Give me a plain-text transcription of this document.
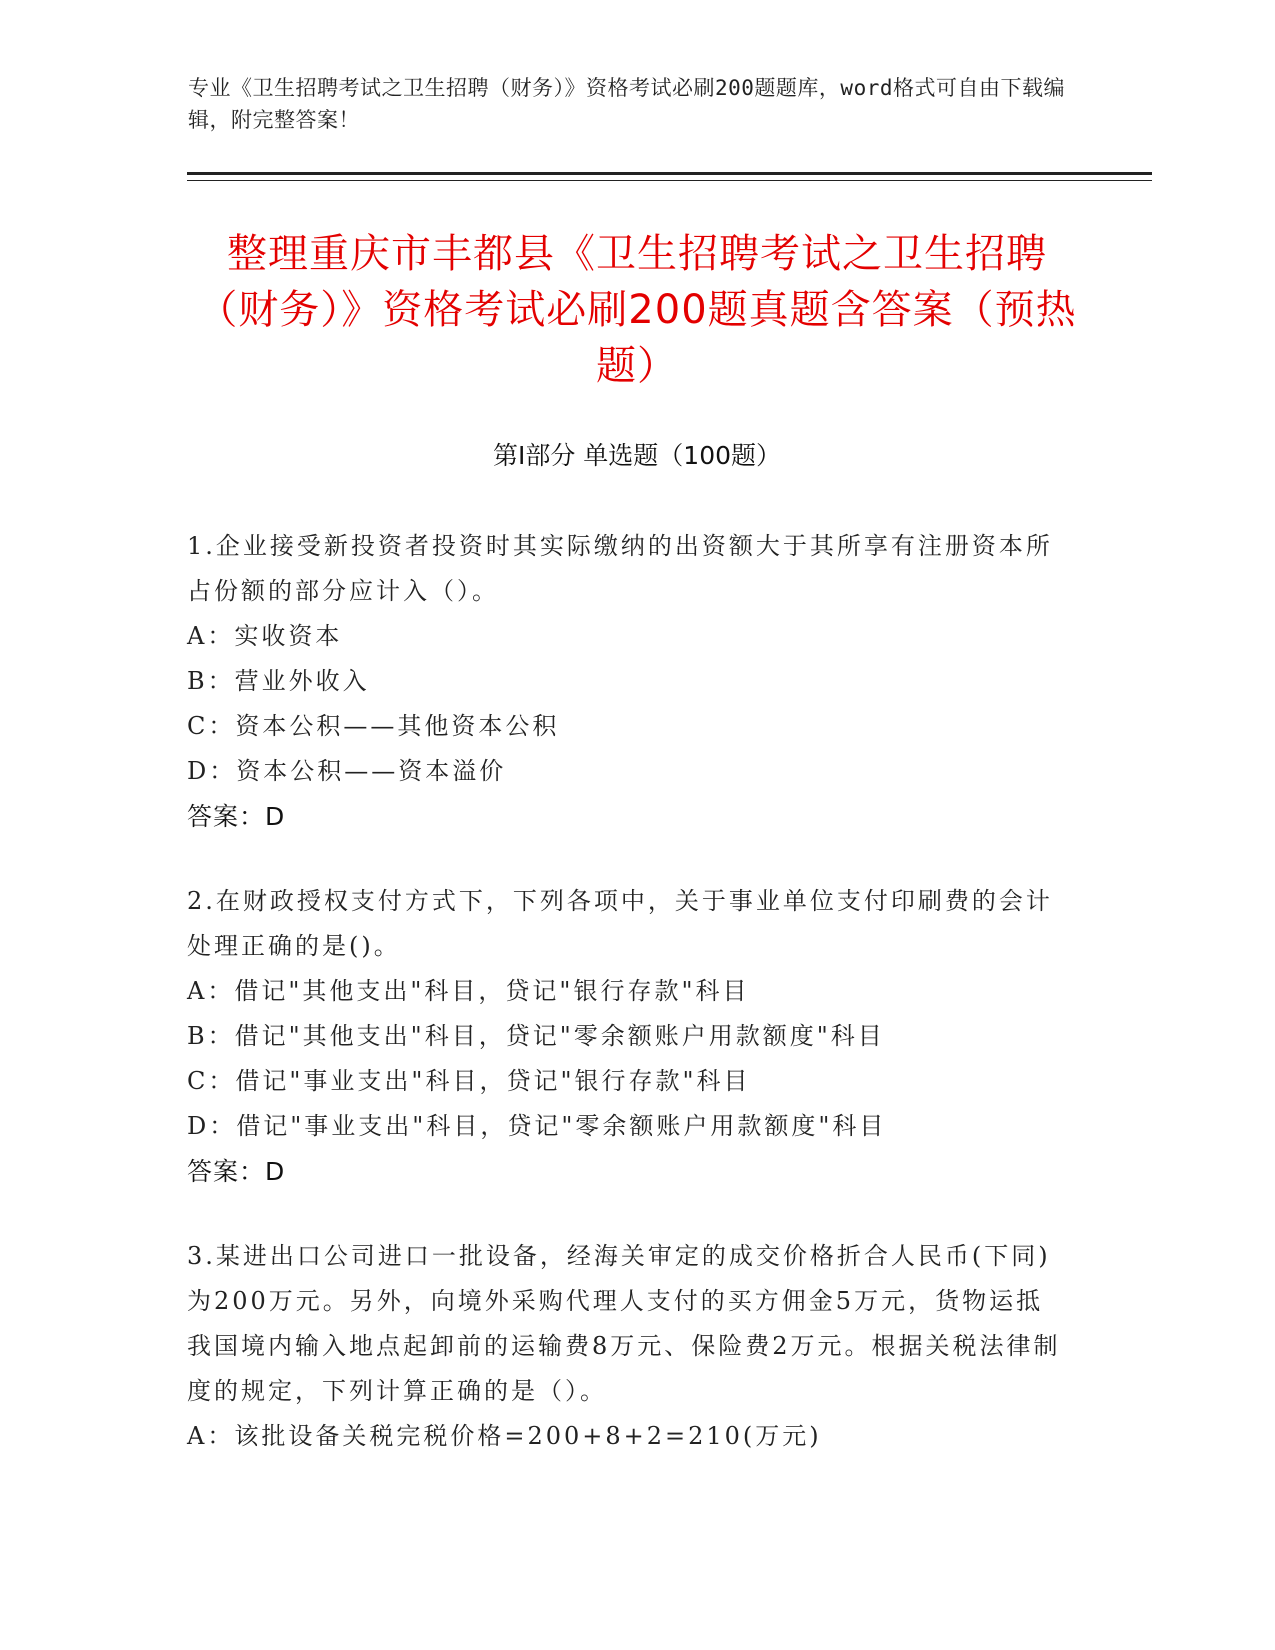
专业《卫生招聘考试之卫生招聘（财务）》资格考试必刷200题题库，word格式可自由下载编辑，附完整答案！
整理重庆市丰都县《卫生招聘考试之卫生招聘（财务）》资格考试必刷200题真题含答案（预热题）
第Ⅰ部分 单选题（100题）
1.企业接受新投资者投资时其实际缴纳的出资额大于其所享有注册资本所占份额的部分应计入（）。
A：实收资本
B：营业外收入
C：资本公积——其他资本公积
D：资本公积——资本溢价
答案：D
2.在财政授权支付方式下，下列各项中，关于事业单位支付印刷费的会计处理正确的是()。
A：借记"其他支出"科目，贷记"银行存款"科目
B：借记"其他支出"科目，贷记"零余额账户用款额度"科目
C：借记"事业支出"科目，贷记"银行存款"科目
D：借记"事业支出"科目，贷记"零余额账户用款额度"科目
答案：D
3.某进出口公司进口一批设备，经海关审定的成交价格折合人民币(下同)为200万元。另外，向境外采购代理人支付的买方佣金5万元，货物运抵我国境内输入地点起卸前的运输费8万元、保险费2万元。根据关税法律制度的规定，下列计算正确的是（）。
A：该批设备关税完税价格=200+8+2=210(万元)
